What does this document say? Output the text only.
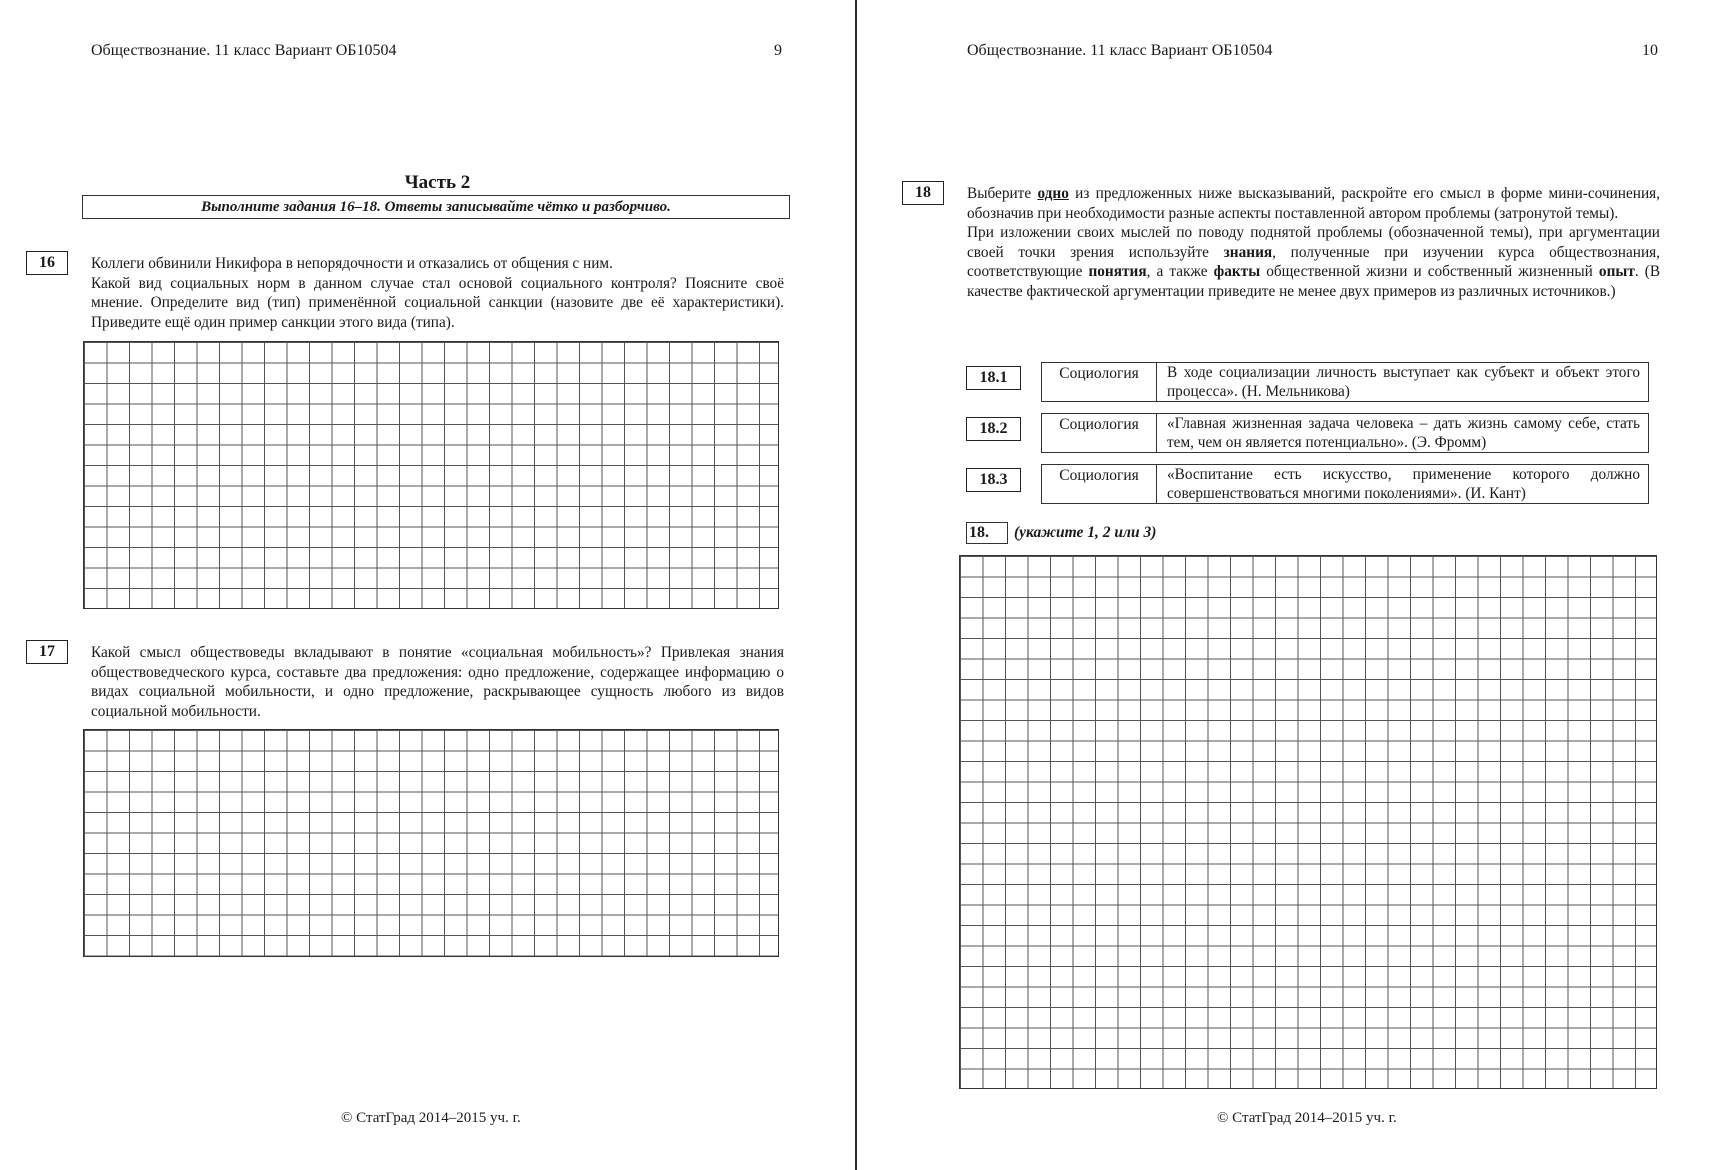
Обществознание. 11 класс Вариант ОБ10504	9
Часть 2
Выполните задания 16–18. Ответы записывайте чётко и разборчиво.
16	Коллеги обвинили Никифора в непорядочности и отказались от общения с ним.

Какой вид социальных норм в данном случае стал основой социального контроля? Поясните своё мнение. Определите вид (тип) применённой социальной санкции (назовите две её характеристики). Приведите ещё один пример санкции этого вида (типа).

17	Какой смысл обществоведы вкладывают в понятие «социальная мобильность»? Привлекая знания обществоведческого курса, составьте два предложения: одно предложение, содержащее информацию о видах социальной мобильности, и одно предложение, раскрывающее сущность любого из видов социальной мобильности.

© СтатГрад 2014–2015 уч. г.
Обществознание. 11 класс Вариант ОБ10504	10
18	Выберите одно из предложенных ниже высказываний, раскройте его смысл в форме мини-сочинения, обозначив при необходимости разные аспекты поставленной автором проблемы (затронутой темы).

При изложении своих мыслей по поводу поднятой проблемы (обозначенной темы), при аргументации своей точки зрения используйте знания, полученные при изучении курса обществознания, соответствующие понятия, а также факты общественной жизни и собственный жизненный опыт. (В качестве фактической аргументации приведите не менее двух примеров из различных источников.)

18.1	Социология	В ходе социализации личность выступает как субъект и объект этого процесса». (Н. Мельникова)
18.2	Социология	«Главная жизненная задача человека – дать жизнь самому себе, стать тем, чем он является потенциально». (Э. Фромм)
18.3	Социология	«Воспитание есть искусство, применение которого должно совершенствоваться многими поколениями». (И. Кант)
18.	(укажите 1, 2 или 3)
© СтатГрад 2014–2015 уч. г.
